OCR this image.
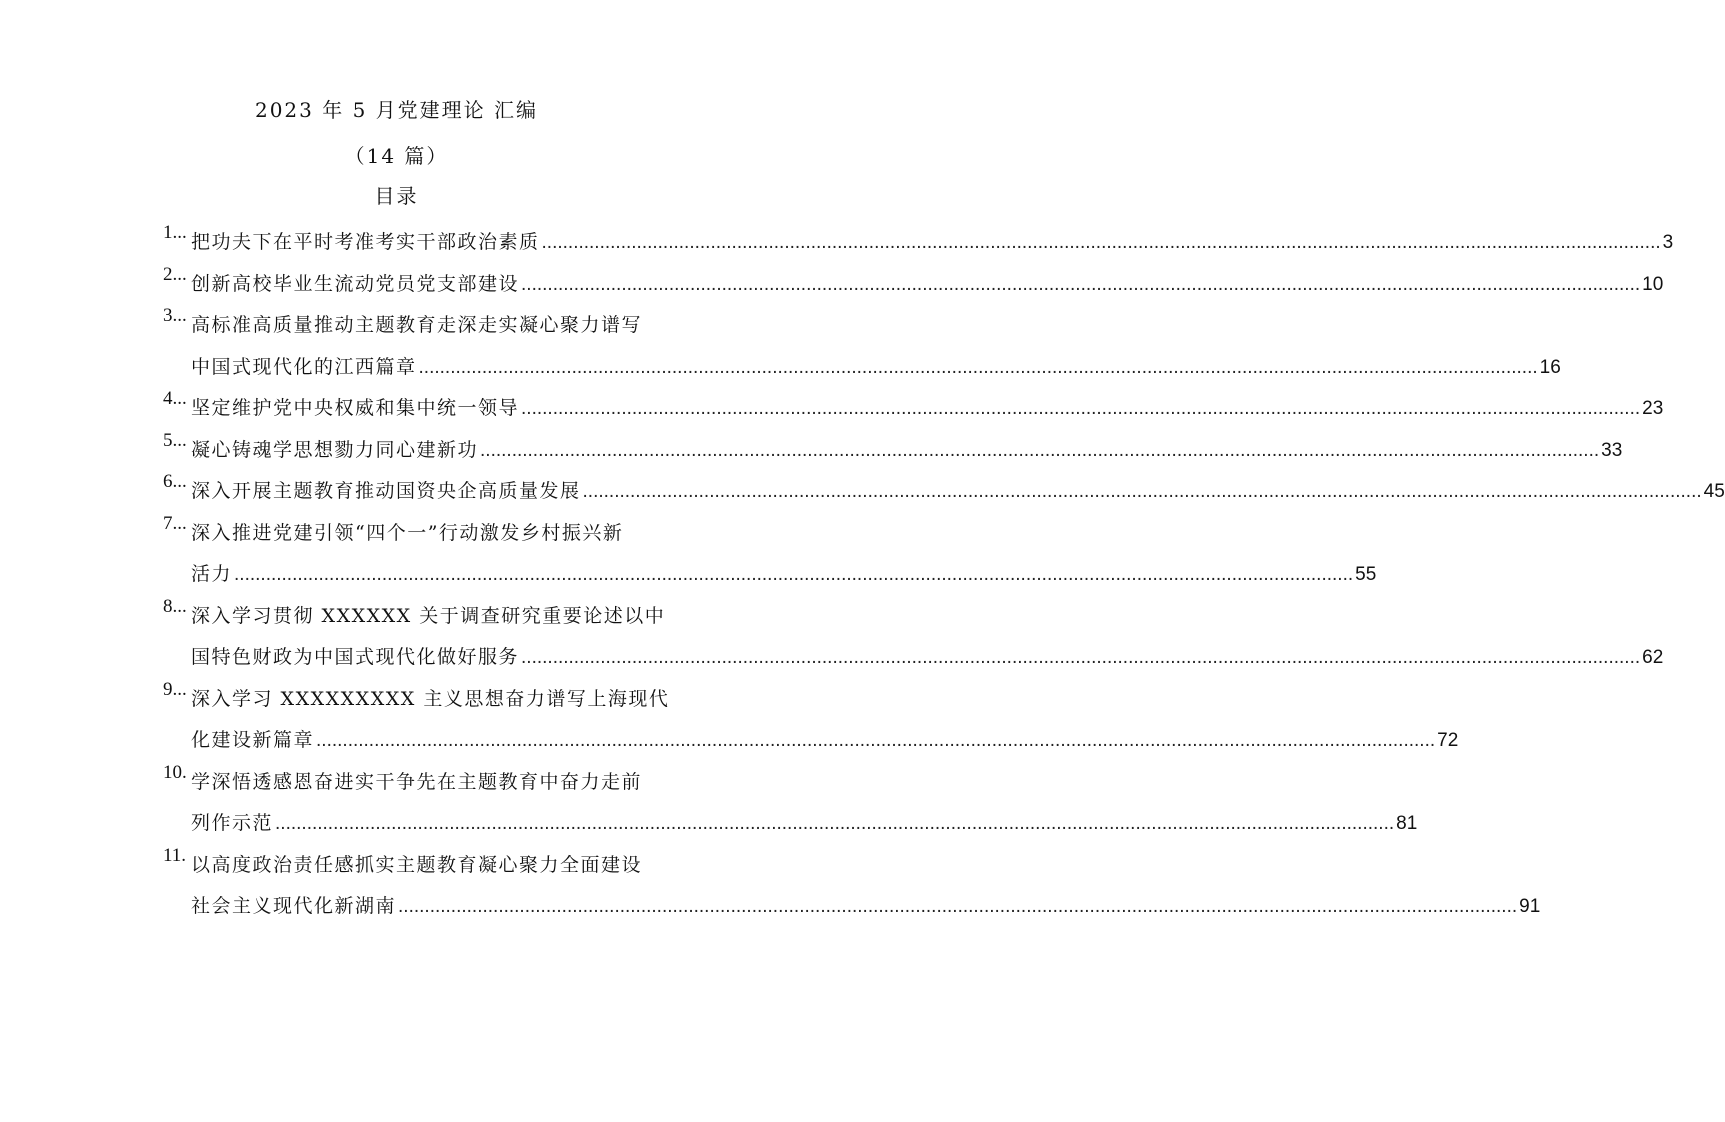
2023 年 5 月党建理论 汇编
（14 篇）
目录
1... 把功夫下在平时考准考实干部政治素质 .....	3
2... 创新高校毕业生流动党员党支部建设 .....	10
3... 高标准高质量推动主题教育走深走实凝心聚力谱写
中国式现代化的江西篇章 .....	16
4... 坚定维护党中央权威和集中统一领导 .....	23
5... 凝心铸魂学思想勠力同心建新功 .....	33
6... 深入开展主题教育推动国资央企高质量发展 .....	45
7... 深入推进党建引领“四个一”行动激发乡村振兴新
活力 .....	55
8... 深入学习贯彻 XXXXXX 关于调查研究重要论述以中
国特色财政为中国式现代化做好服务 .....	62
9... 深入学习 XXXXXXXXX 主义思想奋力谱写上海现代
化建设新篇章 .....	72
10. 学深悟透感恩奋进实干争先在主题教育中奋力走前
列作示范 .....	81
11. 以高度政治责任感抓实主题教育凝心聚力全面建设
社会主义现代化新湖南 .....	91
